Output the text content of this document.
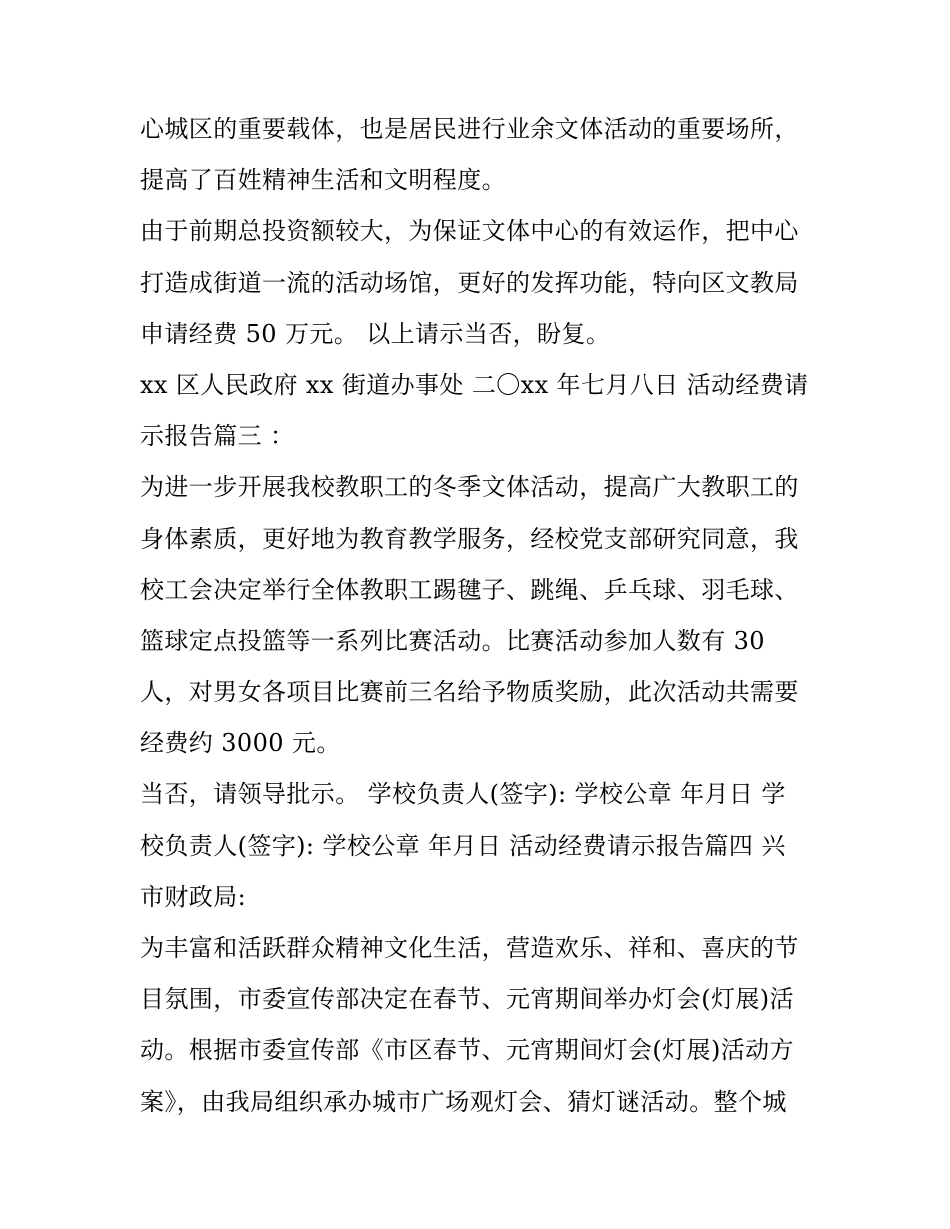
心城区的重要载体，也是居民进行业余文体活动的重要场所，
提高了百姓精神生活和文明程度。
由于前期总投资额较大，为保证文体中心的有效运作，把中心
打造成街道一流的活动场馆，更好的发挥功能，特向区文教局
申请经费 50 万元。 以上请示当否，盼复。
xx 区人民政府 xx 街道办事处 二〇xx 年七月八日 活动经费请
示报告篇三 ：
为进一步开展我校教职工的冬季文体活动，提高广大教职工的
身体素质，更好地为教育教学服务，经校党支部研究同意，我
校工会决定举行全体教职工踢毽子、跳绳、乒乓球、羽毛球、
篮球定点投篮等一系列比赛活动。比赛活动参加人数有 30
人，对男女各项目比赛前三名给予物质奖励，此次活动共需要
经费约 3000 元。
当否，请领导批示。 学校负责人(签字): 学校公章 年月日 学
校负责人(签字): 学校公章 年月日 活动经费请示报告篇四 兴
市财政局:
为丰富和活跃群众精神文化生活，营造欢乐、祥和、喜庆的节
目氛围，市委宣传部决定在春节、元宵期间举办灯会(灯展)活
动。根据市委宣传部《市区春节、元宵期间灯会(灯展)活动方
案》，由我局组织承办城市广场观灯会、猜灯谜活动。整个城
